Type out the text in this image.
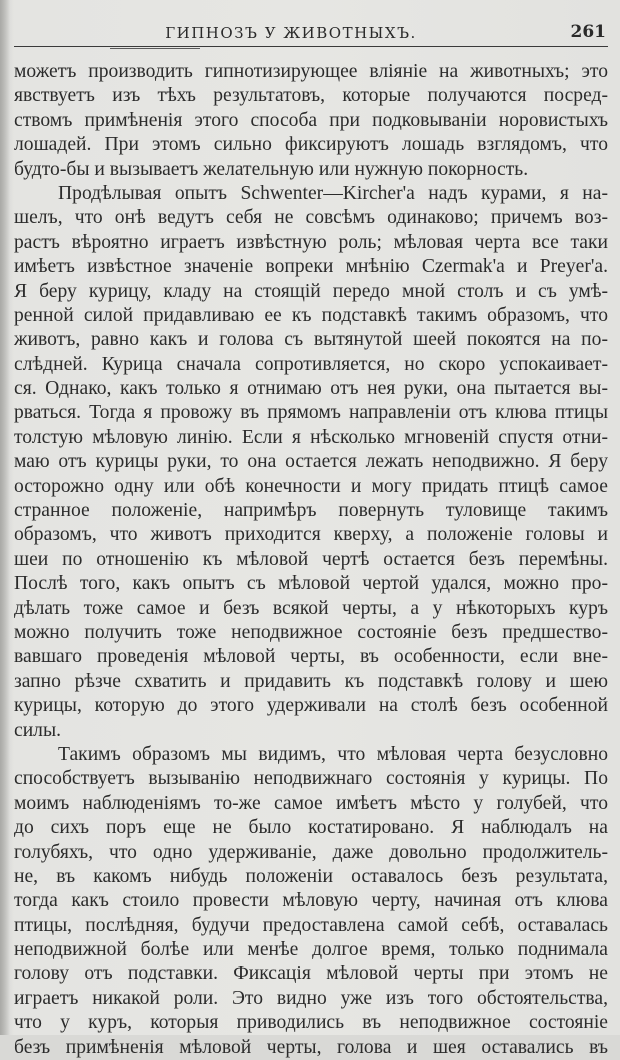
ГИПНОЗЪ У ЖИВОТНЫХЪ.	261
можетъ производить гипнотизирующее вліяніе на животныхъ; это
явствуетъ изъ тѣхъ результатовъ, которые получаются посред-
ствомъ примѣненія этого способа при подковываніи норовистыхъ
лошадей. При этомъ сильно фиксируютъ лошадь взглядомъ, что
будто-бы и вызываетъ желательную или нужную покорность.
Продѣлывая опытъ Schwenter—Kircher'а надъ курами, я на-
шелъ, что онѣ ведутъ себя не совсѣмъ одинаково; причемъ воз-
растъ вѣроятно играетъ извѣстную роль; мѣловая черта все таки
имѣетъ извѣстное значеніе вопреки мнѣнію Czermak'а и Preyer'а.
Я беру курицу, кладу на стоящій передо мной столъ и съ умѣ-
ренной силой придавливаю ее къ подставкѣ такимъ образомъ, что
животъ, равно какъ и голова съ вытянутой шеей покоятся на по-
слѣдней. Курица сначала сопротивляется, но скоро успокаивает-
ся. Однако, какъ только я отнимаю отъ нея руки, она пытается вы-
рваться. Тогда я провожу въ прямомъ направленіи отъ клюва птицы
толстую мѣловую линію. Если я нѣсколько мгновеній спустя отни-
маю отъ курицы руки, то она остается лежать неподвижно. Я беру
осторожно одну или обѣ конечности и могу придать птицѣ самое
странное положеніе, напримѣръ повернуть туловище такимъ
образомъ, что животъ приходится кверху, а положеніе головы и
шеи по отношенію къ мѣловой чертѣ остается безъ перемѣны.
Послѣ того, какъ опытъ съ мѣловой чертой удался, можно про-
дѣлать тоже самое и безъ всякой черты, а у нѣкоторыхъ куръ
можно получить тоже неподвижное состояніе безъ предшество-
вавшаго проведенія мѣловой черты, въ особенности, если вне-
запно рѣзче схватить и придавить къ подставкѣ голову и шею
курицы, которую до этого удерживали на столѣ безъ особенной
силы.
Такимъ образомъ мы видимъ, что мѣловая черта безусловно
способствуетъ вызыванію неподвижнаго состоянія у курицы. По
моимъ наблюденіямъ то-же самое имѣетъ мѣсто у голубей, что
до сихъ поръ еще не было костатировано. Я наблюдалъ на
голубяхъ, что одно удерживаніе, даже довольно продолжитель-
не, въ какомъ нибудь положеніи оставалось безъ результата,
тогда какъ стоило провести мѣловую черту, начиная отъ клюва
птицы, послѣдняя, будучи предоставлена самой себѣ, оставалась
неподвижной болѣе или менѣе долгое время, только поднимала
голову отъ подставки. Фиксація мѣловой черты при этомъ не
играетъ никакой роли. Это видно уже изъ того обстоятельства,
что у куръ, которыя приводились въ неподвижное состояніе
безъ примѣненія мѣловой черты, голова и шея оставались въ
